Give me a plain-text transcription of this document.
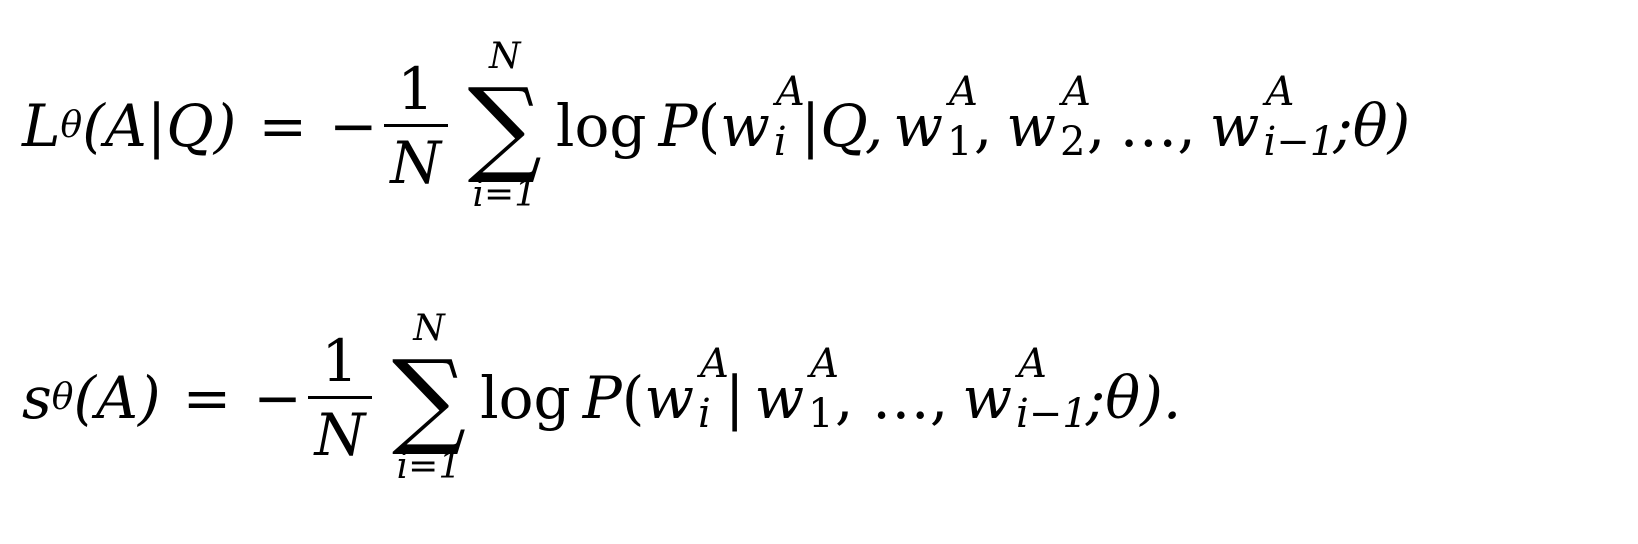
L θ (A|Q) = − $\frac{1}{N}$
N
∑
i=1
log P ( w A
i |Q, w A
1 , w A
2 , …, w A
i−1
;θ)
s θ (A) = − $\frac{1}{N}$
N
∑
i=1
log P ( w A
i | w A
1 , …, w A
i−1
;θ).
